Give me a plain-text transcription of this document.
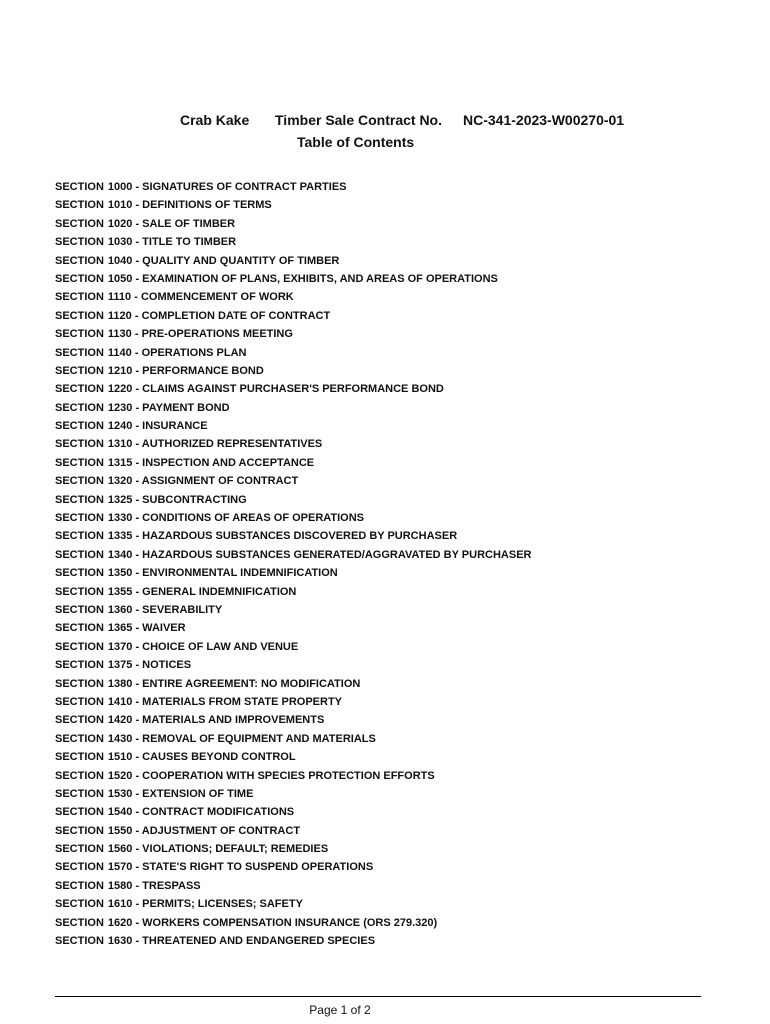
Crab Kake Timber Sale Contract No. NC-341-2023-W00270-01
Table of Contents
SECTION 1000 - SIGNATURES OF CONTRACT PARTIES
SECTION 1010 - DEFINITIONS OF TERMS
SECTION 1020 - SALE OF TIMBER
SECTION 1030 - TITLE TO TIMBER
SECTION 1040 - QUALITY AND QUANTITY OF TIMBER
SECTION 1050 - EXAMINATION OF PLANS, EXHIBITS, AND AREAS OF OPERATIONS
SECTION 1110 - COMMENCEMENT OF WORK
SECTION 1120 - COMPLETION DATE OF CONTRACT
SECTION 1130 - PRE-OPERATIONS MEETING
SECTION 1140 - OPERATIONS PLAN
SECTION 1210 - PERFORMANCE BOND
SECTION 1220 - CLAIMS AGAINST PURCHASER'S PERFORMANCE BOND
SECTION 1230 - PAYMENT BOND
SECTION 1240 - INSURANCE
SECTION 1310 - AUTHORIZED REPRESENTATIVES
SECTION 1315 - INSPECTION AND ACCEPTANCE
SECTION 1320 - ASSIGNMENT OF CONTRACT
SECTION 1325 - SUBCONTRACTING
SECTION 1330 - CONDITIONS OF AREAS OF OPERATIONS
SECTION 1335 - HAZARDOUS SUBSTANCES DISCOVERED BY PURCHASER
SECTION 1340 - HAZARDOUS SUBSTANCES GENERATED/AGGRAVATED BY PURCHASER
SECTION 1350 - ENVIRONMENTAL INDEMNIFICATION
SECTION 1355 - GENERAL INDEMNIFICATION
SECTION 1360 - SEVERABILITY
SECTION 1365 - WAIVER
SECTION 1370 - CHOICE OF LAW AND VENUE
SECTION 1375 - NOTICES
SECTION 1380 - ENTIRE AGREEMENT: NO MODIFICATION
SECTION 1410 - MATERIALS FROM STATE PROPERTY
SECTION 1420 - MATERIALS AND IMPROVEMENTS
SECTION 1430 - REMOVAL OF EQUIPMENT AND MATERIALS
SECTION 1510 - CAUSES BEYOND CONTROL
SECTION 1520 - COOPERATION WITH SPECIES PROTECTION EFFORTS
SECTION 1530 - EXTENSION OF TIME
SECTION 1540 - CONTRACT MODIFICATIONS
SECTION 1550 - ADJUSTMENT OF CONTRACT
SECTION 1560 - VIOLATIONS; DEFAULT; REMEDIES
SECTION 1570 - STATE'S RIGHT TO SUSPEND OPERATIONS
SECTION 1580 - TRESPASS
SECTION 1610 - PERMITS; LICENSES; SAFETY
SECTION 1620 - WORKERS COMPENSATION INSURANCE (ORS 279.320)
SECTION 1630 - THREATENED AND ENDANGERED SPECIES
Page 1 of 2
